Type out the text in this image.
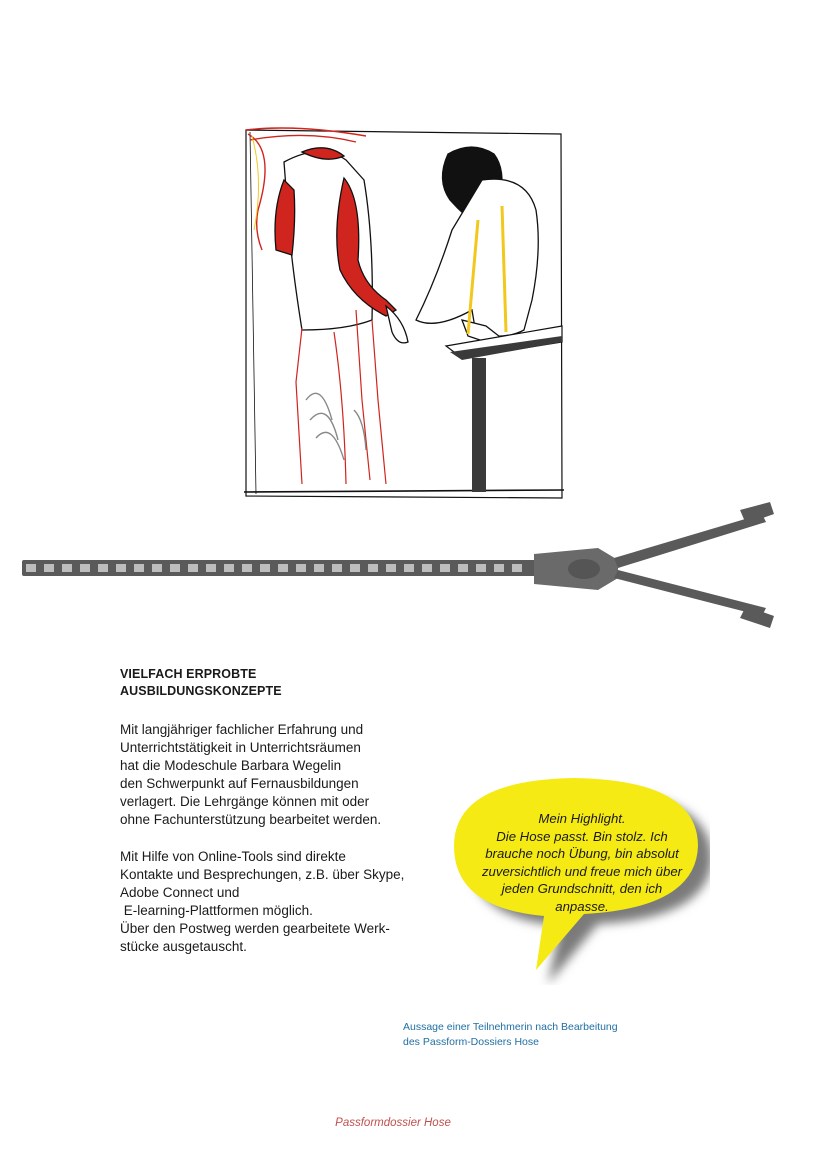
VIELFACH ERPROBTE
AUSBILDUNGSKONZEPTE

Mit langjähriger fachlicher Erfahrung und
Unterrichtstätigkeit in Unterrichtsräumen
hat die Modeschule Barbara Wegelin
den Schwerpunkt auf Fernausbildungen
verlagert. Die Lehrgänge können mit oder
ohne Fachunterstützung bearbeitet werden.

Mit Hilfe von Online-Tools sind direkte
Kontakte und Besprechungen, z.B. über Skype,
Adobe Connect und
E-learning-Plattformen möglich.
Über den Postweg werden gearbeitete Werk-
stücke ausgetauscht.

Mein Highlight.
Die Hose passt. Bin stolz. Ich
brauche noch Übung, bin absolut
zuversichtlich und freue mich über
jeden Grundschnitt, den ich
anpasse.
Aussage einer Teilnehmerin nach Bearbeitung
des Passform-Dossiers Hose
Passformdossier Hose
